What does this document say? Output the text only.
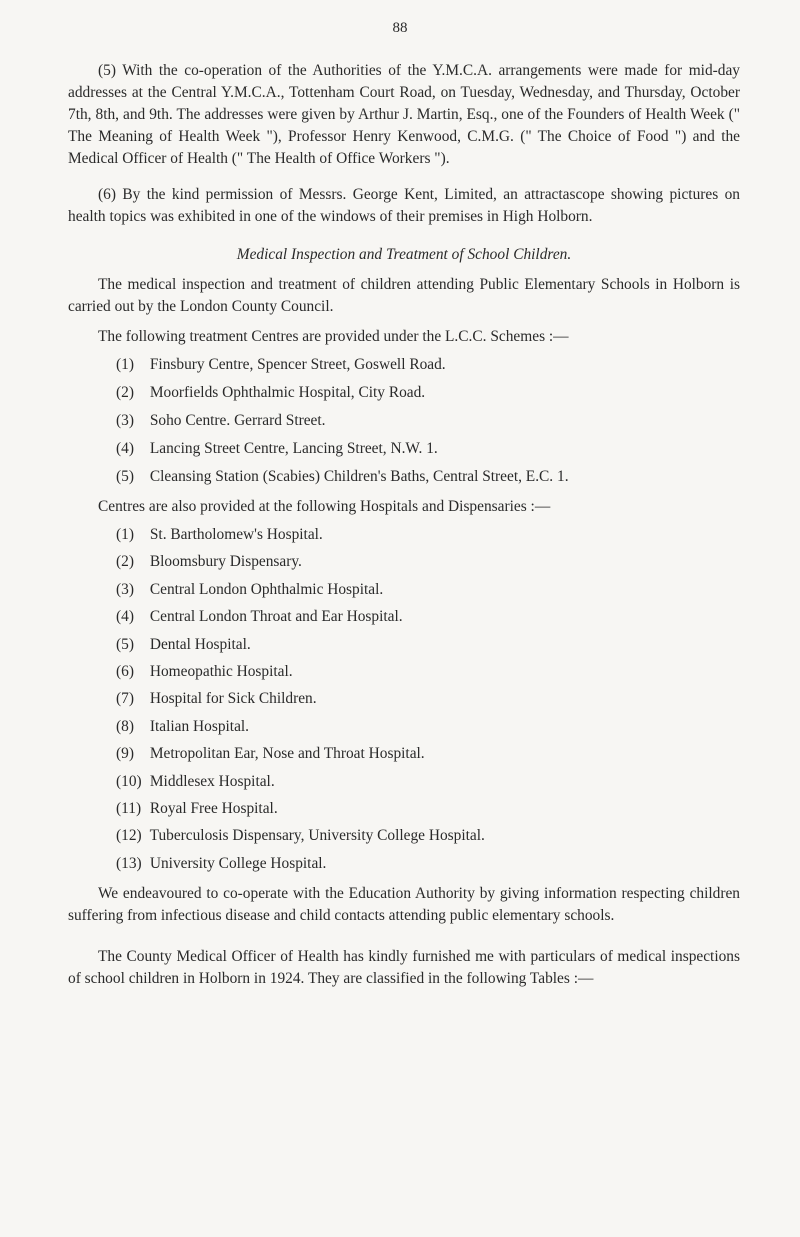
88

(5) With the co-operation of the Authorities of the Y.M.C.A. arrangements were made for mid-day addresses at the Central Y.M.C.A., Tottenham Court Road, on Tuesday, Wednesday, and Thursday, October 7th, 8th, and 9th. The addresses were given by Arthur J. Martin, Esq., one of the Founders of Health Week (" The Meaning of Health Week "), Professor Henry Kenwood, C.M.G. (" The Choice of Food ") and the Medical Officer of Health (" The Health of Office Workers ").

(6) By the kind permission of Messrs. George Kent, Limited, an attractascope showing pictures on health topics was exhibited in one of the windows of their premises in High Holborn.

Medical Inspection and Treatment of School Children.

The medical inspection and treatment of children attending Public Elementary Schools in Holborn is carried out by the London County Council.

The following treatment Centres are provided under the L.C.C. Schemes :—

(1) Finsbury Centre, Spencer Street, Goswell Road.
(2) Moorfields Ophthalmic Hospital, City Road.
(3) Soho Centre. Gerrard Street.
(4) Lancing Street Centre, Lancing Street, N.W. 1.
(5) Cleansing Station (Scabies) Children's Baths, Central Street, E.C. 1.

Centres are also provided at the following Hospitals and Dispensaries :—

(1) St. Bartholomew's Hospital.
(2) Bloomsbury Dispensary.
(3) Central London Ophthalmic Hospital.
(4) Central London Throat and Ear Hospital.
(5) Dental Hospital.
(6) Homeopathic Hospital.
(7) Hospital for Sick Children.
(8) Italian Hospital.
(9) Metropolitan Ear, Nose and Throat Hospital.
(10) Middlesex Hospital.
(11) Royal Free Hospital.
(12) Tuberculosis Dispensary, University College Hospital.
(13) University College Hospital.

We endeavoured to co-operate with the Education Authority by giving information respecting children suffering from infectious disease and child contacts attending public elementary schools.

The County Medical Officer of Health has kindly furnished me with particulars of medical inspections of school children in Holborn in 1924. They are classified in the following Tables :—
